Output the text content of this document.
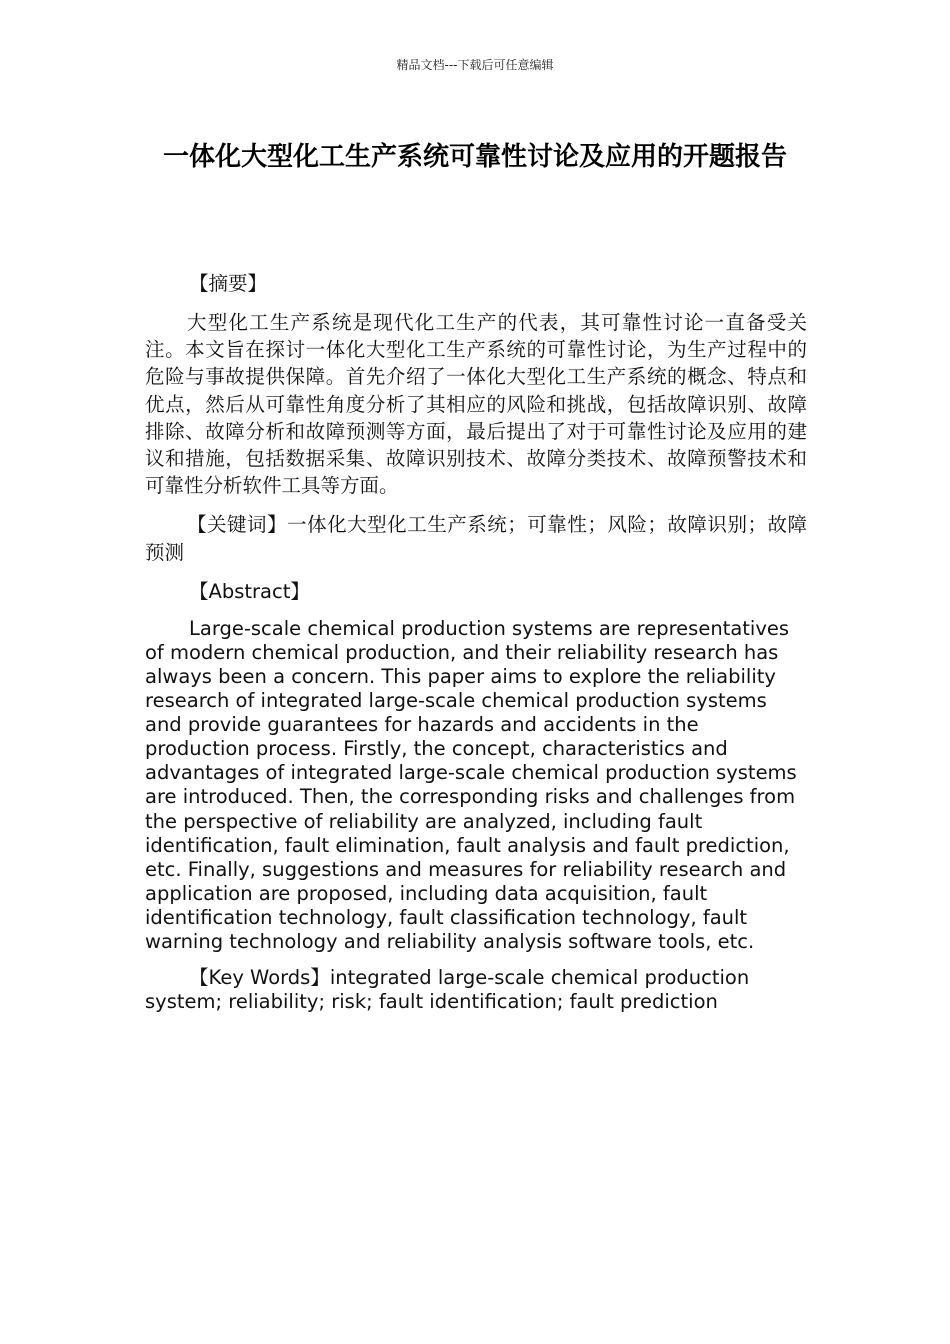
精品文档---下载后可任意编辑
一体化大型化工生产系统可靠性讨论及应用的开题报告

【摘要】

大型化工生产系统是现代化工生产的代表，其可靠性讨论一直备受关注。本文旨在探讨一体化大型化工生产系统的可靠性讨论，为生产过程中的危险与事故提供保障。首先介绍了一体化大型化工生产系统的概念、特点和优点，然后从可靠性角度分析了其相应的风险和挑战，包括故障识别、故障排除、故障分析和故障预测等方面，最后提出了对于可靠性讨论及应用的建议和措施，包括数据采集、故障识别技术、故障分类技术、故障预警技术和可靠性分析软件工具等方面。

【关键词】一体化大型化工生产系统；可靠性；风险；故障识别；故障预测

【Abstract】

Large-scale chemical production systems are representatives of modern chemical production, and their reliability research has always been a concern. This paper aims to explore the reliability research of integrated large-scale chemical production systems and provide guarantees for hazards and accidents in the production process. Firstly, the concept, characteristics and advantages of integrated large-scale chemical production systems are introduced. Then, the corresponding risks and challenges from the perspective of reliability are analyzed, including fault identification, fault elimination, fault analysis and fault prediction, etc. Finally, suggestions and measures for reliability research and application are proposed, including data acquisition, fault identification technology, fault classification technology, fault warning technology and reliability analysis software tools, etc.

【Key Words】integrated large-scale chemical production system; reliability; risk; fault identification; fault prediction
